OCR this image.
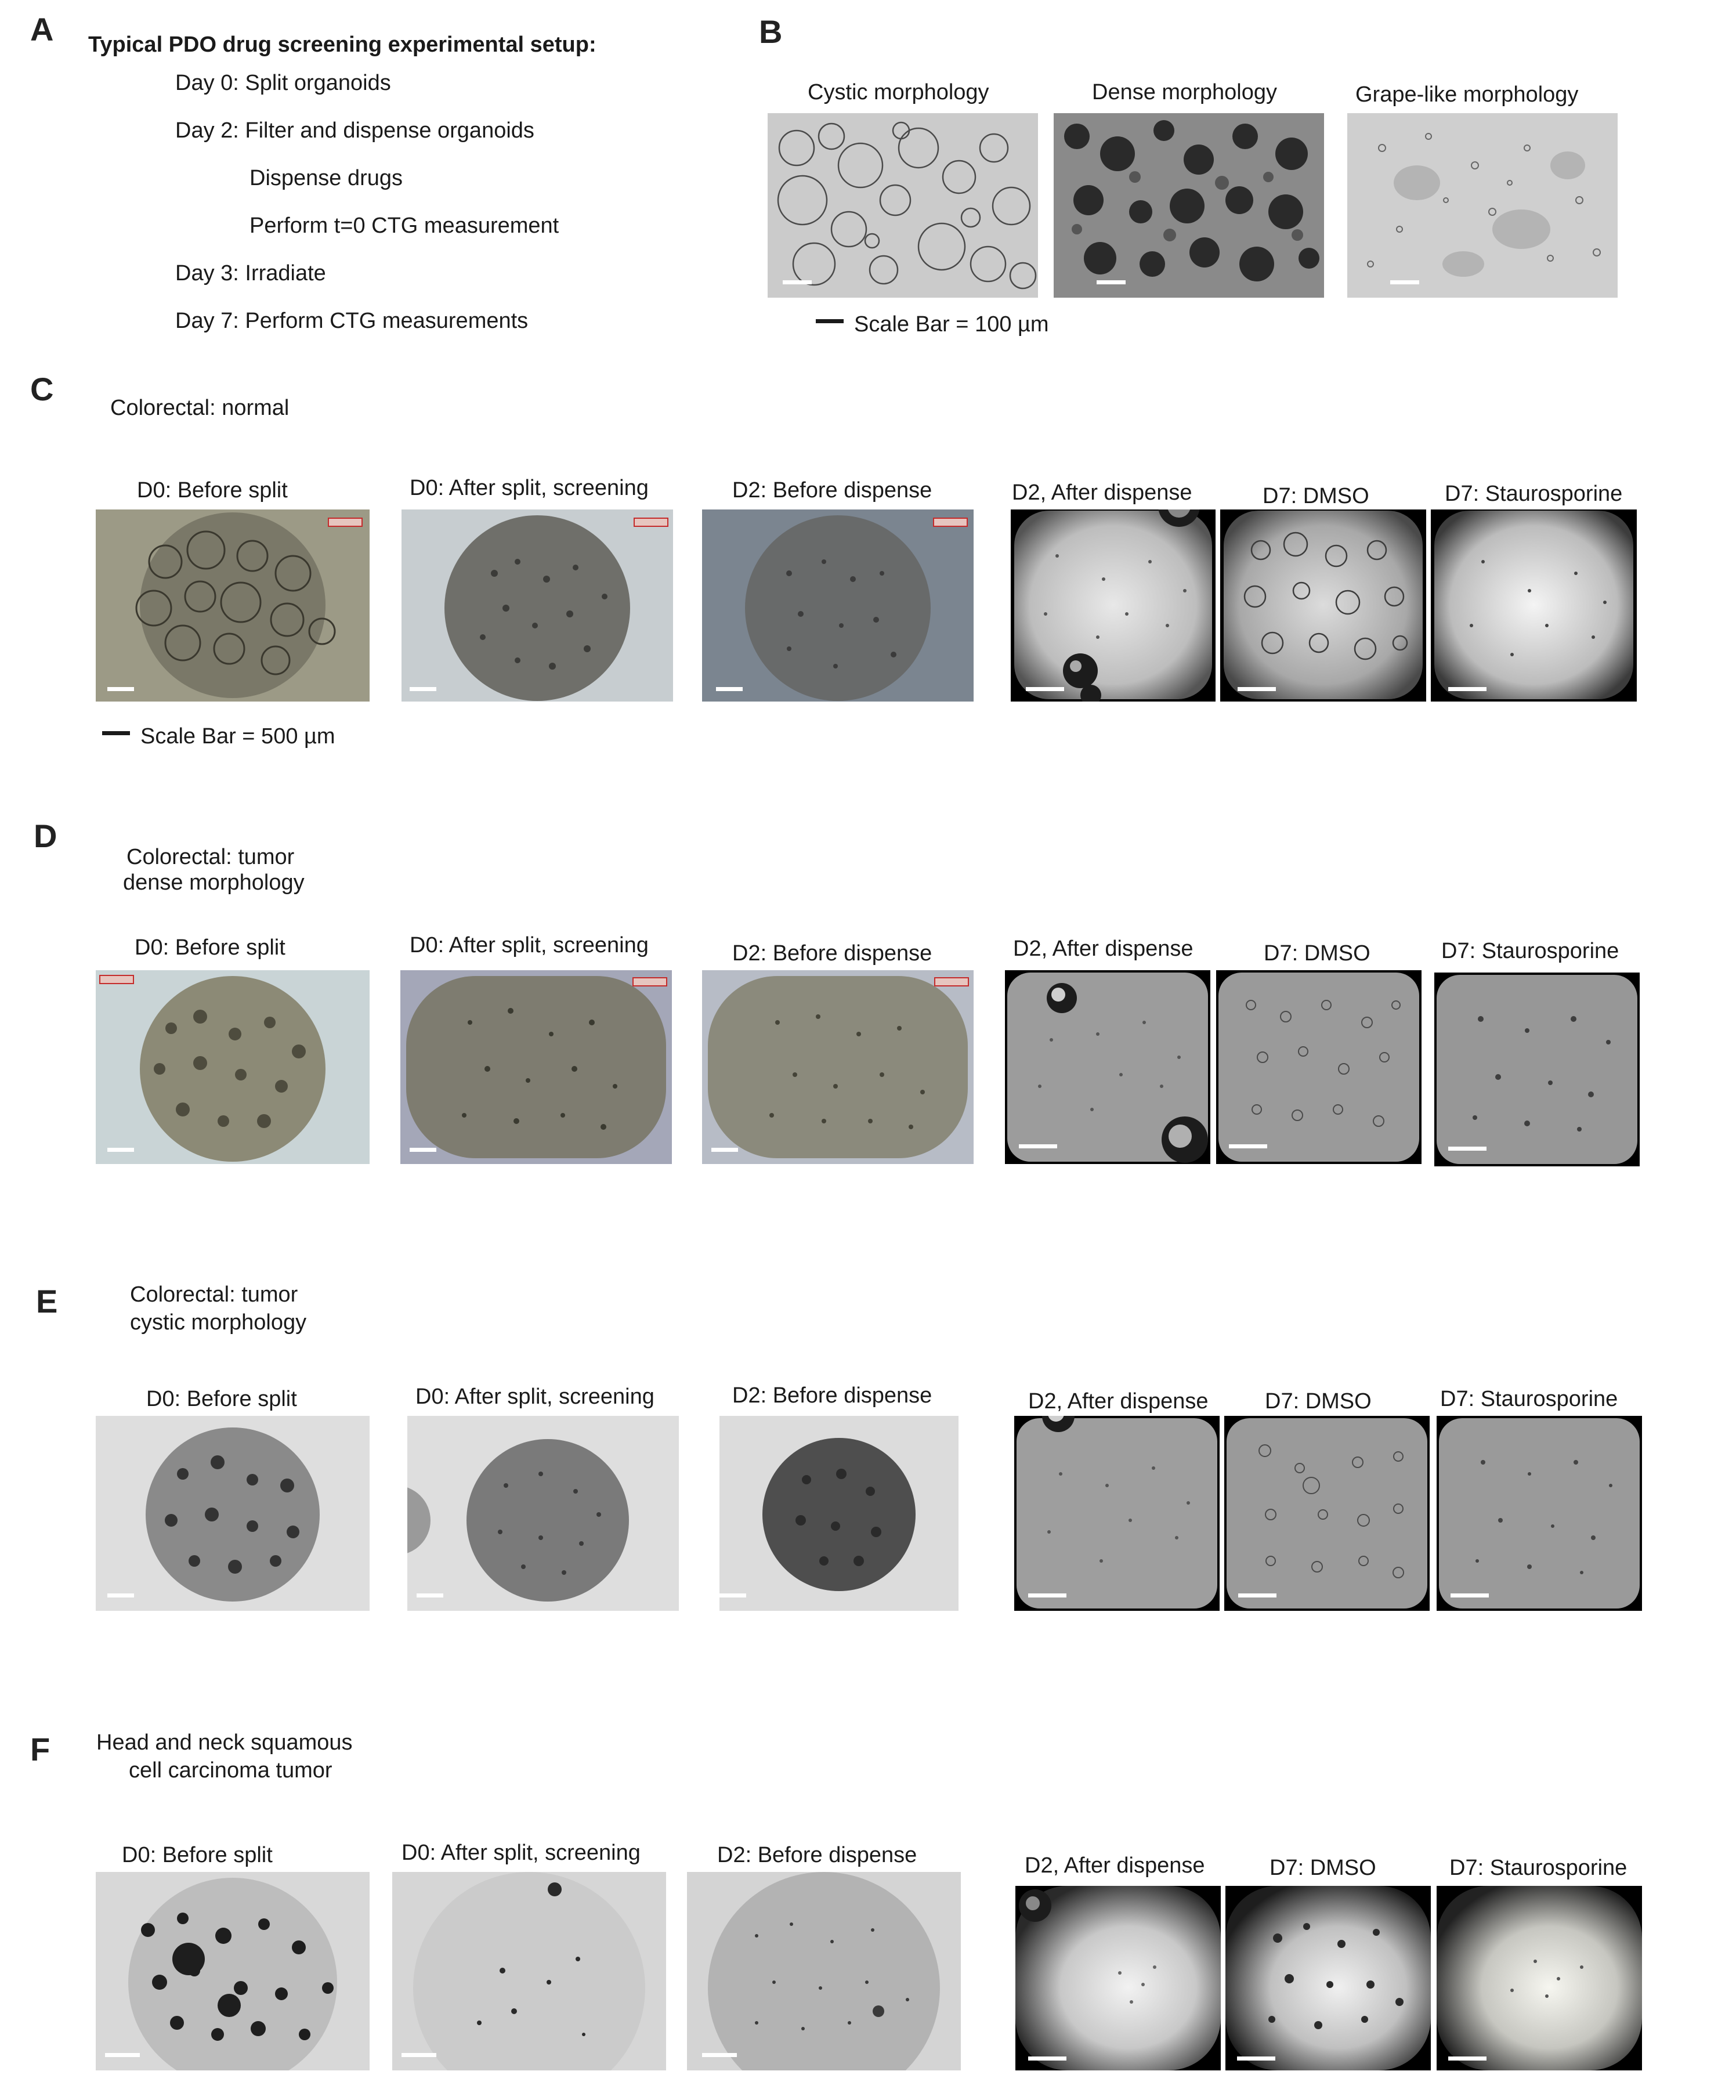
A Typical PDO drug screening experimental setup:
Day 0: Split organoids
Day 2: Filter and dispense organoids
Dispense drugs
Perform t=0 CTG measurement
Day 3: Irradiate
Day 7: Perform CTG measurements
B
Cystic morphology	Dense morphology	Grape-like morphology
Scale Bar = 100 µm
C
Colorectal: normal
D0: Before split	D0: After split, screening	D2: Before dispense	D2, After dispense	D7: DMSO	D7: Staurosporine
Scale Bar = 500 µm
D
Colorectal: tumor
dense morphology
D0: Before split	D0: After split, screening	D2: Before dispense	D2, After dispense	D7: DMSO	D7: Staurosporine
E	Colorectal: tumor
cystic morphology
D0: Before split	D0: After split, screening	D2: Before dispense	D2, After dispense	D7: DMSO	D7: Staurosporine
F Head and neck squamous
cell carcinoma tumor
D0: Before split	D0: After split, screening	D2: Before dispense	D2, After dispense	D7: DMSO	D7: Staurosporine
